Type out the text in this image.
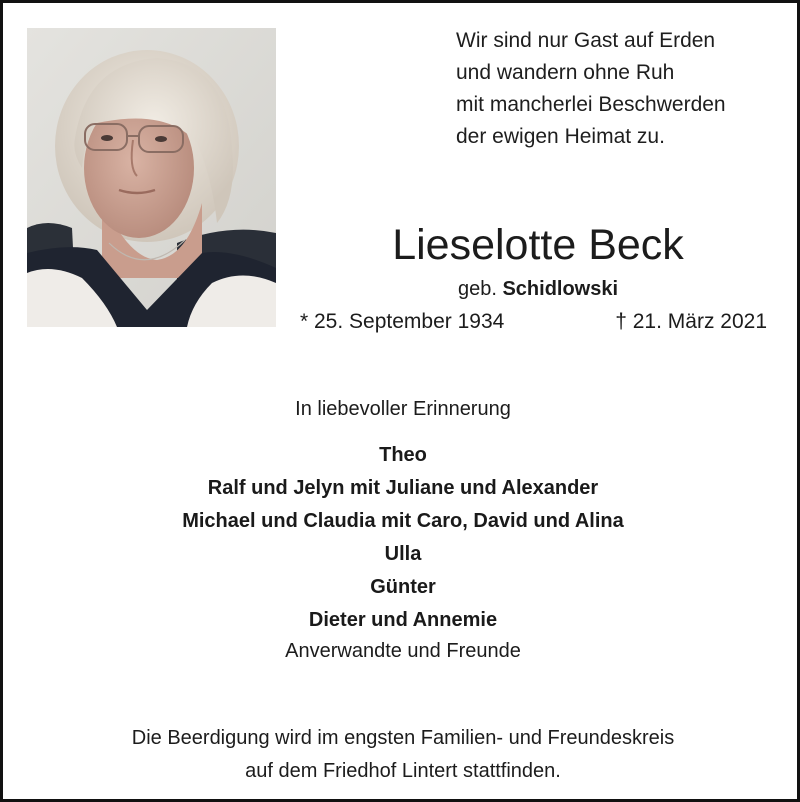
Wir sind nur Gast auf Erden
und wandern ohne Ruh
mit mancherlei Beschwerden
der ewigen Heimat zu.
Lieselotte Beck
geb. Schidlowski
* 25. September 1934	† 21. März 2021
In liebevoller Erinnerung
Theo
Ralf und Jelyn mit Juliane und Alexander
Michael und Claudia mit Caro, David und Alina
Ulla
Günter
Dieter und Annemie
Anverwandte und Freunde
Die Beerdigung wird im engsten Familien- und Freundeskreis
auf dem Friedhof Lintert stattfinden.
